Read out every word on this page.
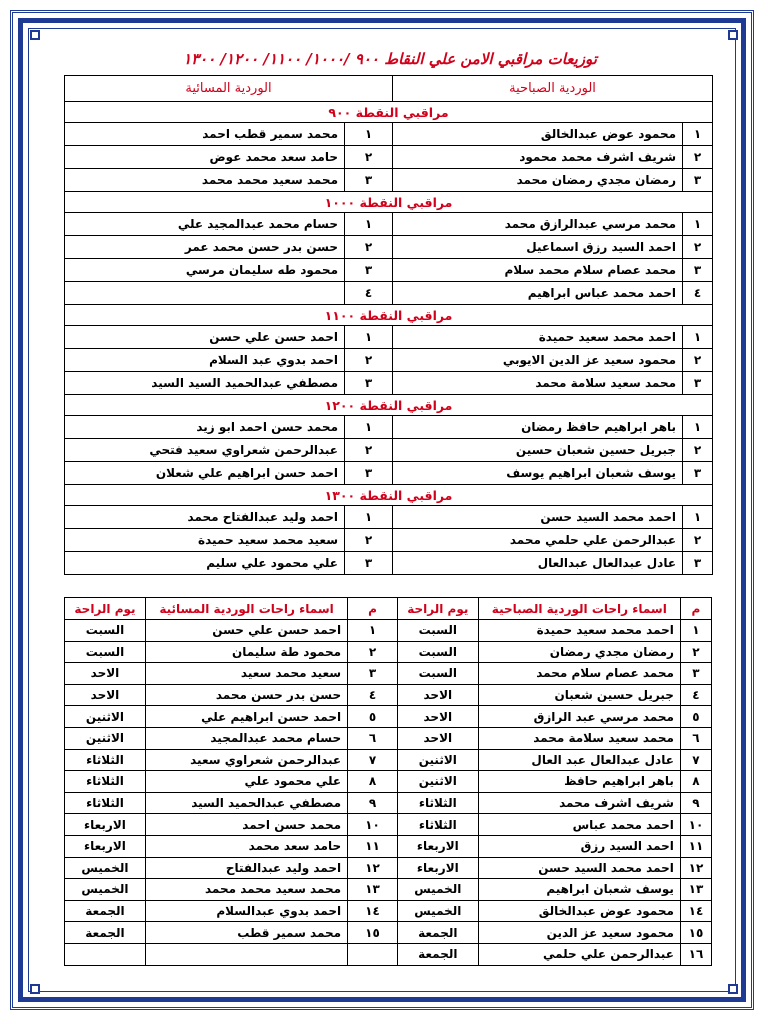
توزيعات مراقبي الامن علي النقاط ٩٠٠ /١٠٠٠/ ١١٠٠/ ١٢٠٠/ ١٣٠٠
الوردية الصباحية		الوردية المسائية	
مراقبي النقطة ٩٠٠			
١	محمود عوض عبدالخالق	١	محمد سمير قطب احمد
٢	شريف اشرف محمد محمود	٢	حامد سعد محمد عوض
٣	رمضان مجدي رمضان محمد	٣	محمد سعيد محمد محمد
مراقبي النقطة ١٠٠٠			
١	محمد مرسي عبدالرازق محمد	١	حسام محمد عبدالمجيد علي
٢	احمد السيد رزق اسماعيل	٢	حسن بدر حسن محمد عمر
٣	محمد عصام سلام محمد سلام	٣	محمود طه سليمان مرسي
٤	احمد محمد عباس ابراهيم	٤	
مراقبي النقطة ١١٠٠			
١	احمد محمد سعيد حميدة	١	احمد حسن علي حسن
٢	محمود سعيد عز الدين الايوبي	٢	احمد بدوي عبد السلام
٣	محمد سعيد سلامة محمد	٣	مصطفي عبدالحميد السيد السيد
مراقبي النقطة ١٢٠٠			
١	باهر ابراهيم حافظ رمضان	١	محمد حسن احمد ابو زيد
٢	جبريل حسين شعبان حسين	٢	عبدالرحمن شعراوي سعيد فتحي
٣	يوسف شعبان ابراهيم يوسف	٣	احمد حسن ابراهيم علي شعلان
مراقبي النقطة ١٣٠٠			
١	احمد محمد السيد حسن	١	احمد وليد عبدالفتاح محمد
٢	عبدالرحمن علي حلمي محمد	٢	سعيد محمد سعيد حميدة
٣	عادل عبدالعال عبدالعال	٣	علي محمود علي سليم
م	اسماء راحات الوردية الصباحية	يوم الراحة	م	اسماء راحات الوردية المسائية	يوم الراحة
١	احمد محمد سعيد حميدة	السبت	١	احمد حسن علي حسن	السبت
٢	رمضان مجدي رمضان	السبت	٢	محمود طة سليمان	السبت
٣	محمد عصام سلام محمد	السبت	٣	سعيد محمد سعيد	الاحد
٤	جبريل حسين شعبان	الاحد	٤	حسن بدر حسن محمد	الاحد
٥	محمد مرسي عبد الرازق	الاحد	٥	احمد حسن ابراهيم علي	الاثنين
٦	محمد سعيد سلامة محمد	الاحد	٦	حسام محمد عبدالمجيد	الاثنين
٧	عادل عبدالعال عبد العال	الاثنين	٧	عبدالرحمن شعراوي سعيد	الثلاثاء
٨	باهر ابراهيم حافظ	الاثنين	٨	علي محمود علي	الثلاثاء
٩	شريف اشرف محمد	الثلاثاء	٩	مصطفي عبدالحميد السيد	الثلاثاء
١٠	احمد محمد عباس	الثلاثاء	١٠	محمد حسن احمد	الاربعاء
١١	احمد السيد رزق	الاربعاء	١١	حامد سعد محمد	الاربعاء
١٢	احمد محمد السيد حسن	الاربعاء	١٢	احمد وليد عبدالفتاح	الخميس
١٣	يوسف شعبان ابراهيم	الخميس	١٣	محمد سعيد محمد محمد	الخميس
١٤	محمود عوض عبدالخالق	الخميس	١٤	احمد بدوي عبدالسلام	الجمعة
١٥	محمود سعيد عز الدين	الجمعة	١٥	محمد سمير قطب	الجمعة
١٦	عبدالرحمن علي حلمي	الجمعة			
